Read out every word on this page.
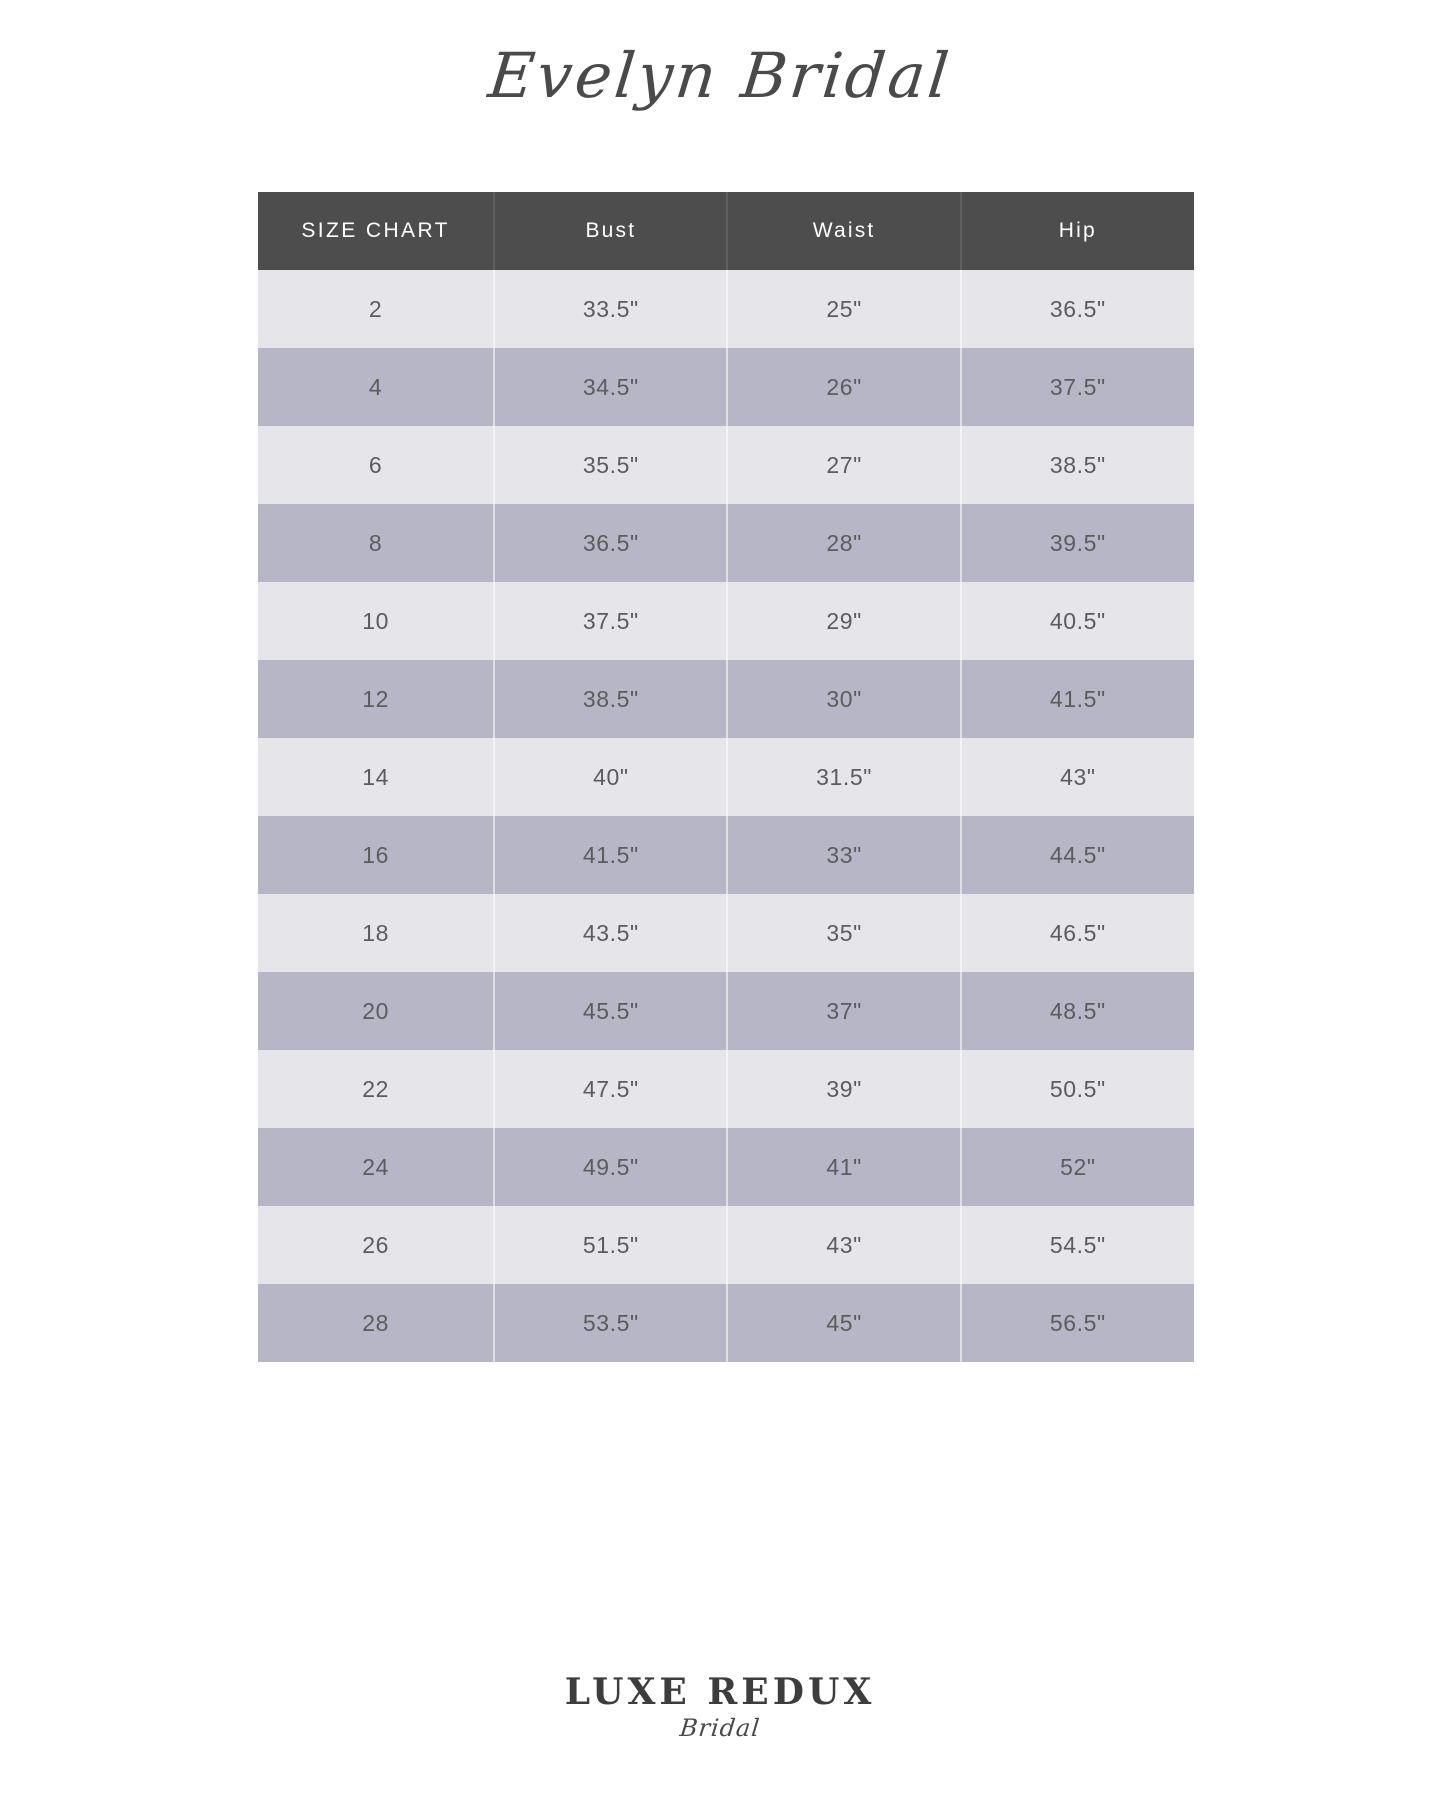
Evelyn Bridal
SIZE CHART	Bust	Waist	Hip
2	33.5"	25"	36.5"
4	34.5"	26"	37.5"
6	35.5"	27"	38.5"
8	36.5"	28"	39.5"
10	37.5"	29"	40.5"
12	38.5"	30"	41.5"
14	40"	31.5"	43"
16	41.5"	33"	44.5"
18	43.5"	35"	46.5"
20	45.5"	37"	48.5"
22	47.5"	39"	50.5"
24	49.5"	41"	52"
26	51.5"	43"	54.5"
28	53.5"	45"	56.5"
LUXE REDUX
Bridal
